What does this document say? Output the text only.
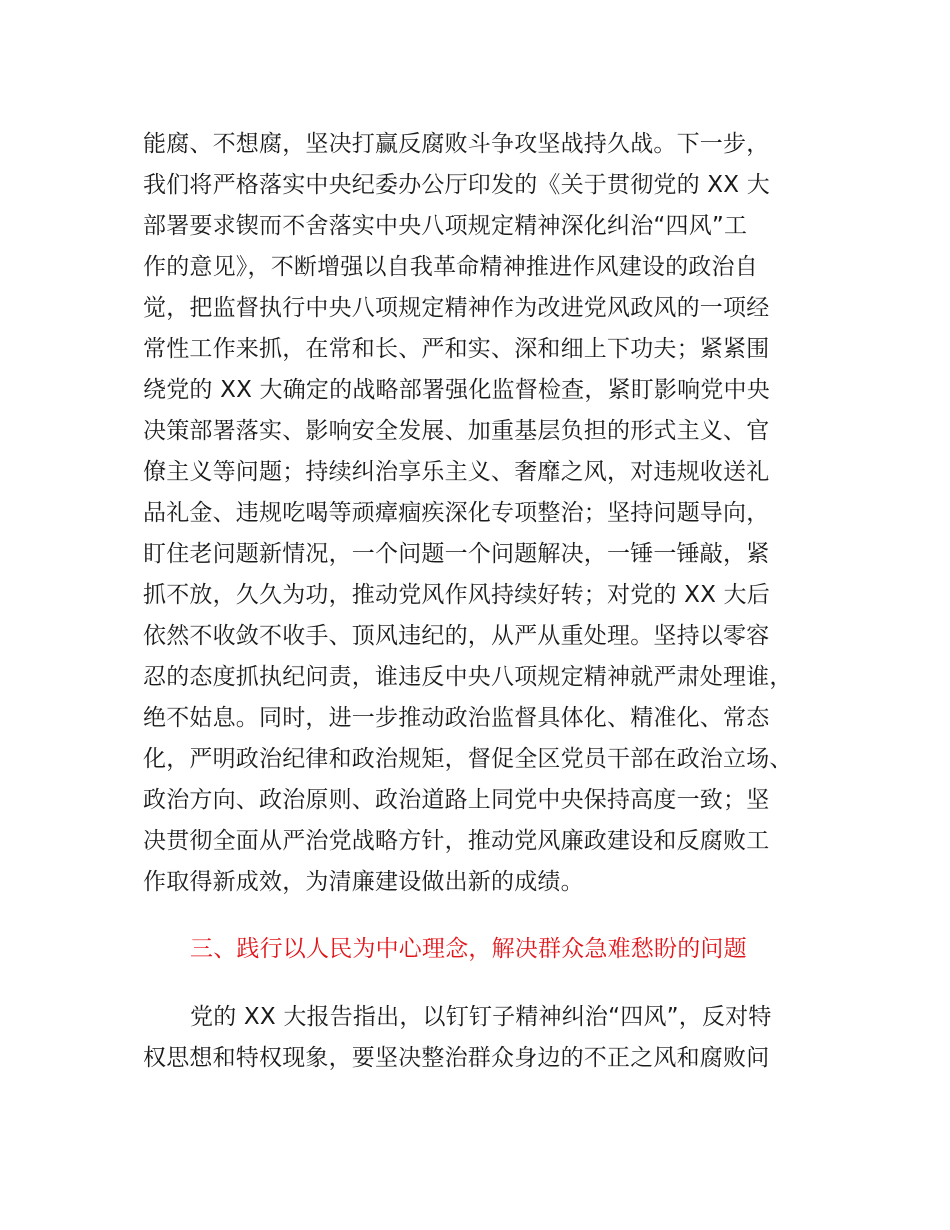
能腐、不想腐，坚决打赢反腐败斗争攻坚战持久战。下一步，
我们将严格落实中央纪委办公厅印发的《关于贯彻党的 XX 大
部署要求锲而不舍落实中央八项规定精神深化纠治“四风”工
作的意见》，不断增强以自我革命精神推进作风建设的政治自
觉，把监督执行中央八项规定精神作为改进党风政风的一项经
常性工作来抓，在常和长、严和实、深和细上下功夫；紧紧围
绕党的 XX 大确定的战略部署强化监督检查，紧盯影响党中央
决策部署落实、影响安全发展、加重基层负担的形式主义、官
僚主义等问题；持续纠治享乐主义、奢靡之风，对违规收送礼
品礼金、违规吃喝等顽瘴痼疾深化专项整治；坚持问题导向，
盯住老问题新情况，一个问题一个问题解决，一锤一锤敲，紧
抓不放，久久为功，推动党风作风持续好转；对党的 XX 大后
依然不收敛不收手、顶风违纪的，从严从重处理。坚持以零容
忍的态度抓执纪问责，谁违反中央八项规定精神就严肃处理谁，
绝不姑息。同时，进一步推动政治监督具体化、精准化、常态
化，严明政治纪律和政治规矩，督促全区党员干部在政治立场、
政治方向、政治原则、政治道路上同党中央保持高度一致；坚
决贯彻全面从严治党战略方针，推动党风廉政建设和反腐败工
作取得新成效，为清廉建设做出新的成绩。
三、践行以人民为中心理念，解决群众急难愁盼的问题
党的 XX 大报告指出，以钉钉子精神纠治“四风”，反对特
权思想和特权现象，要坚决整治群众身边的不正之风和腐败问
